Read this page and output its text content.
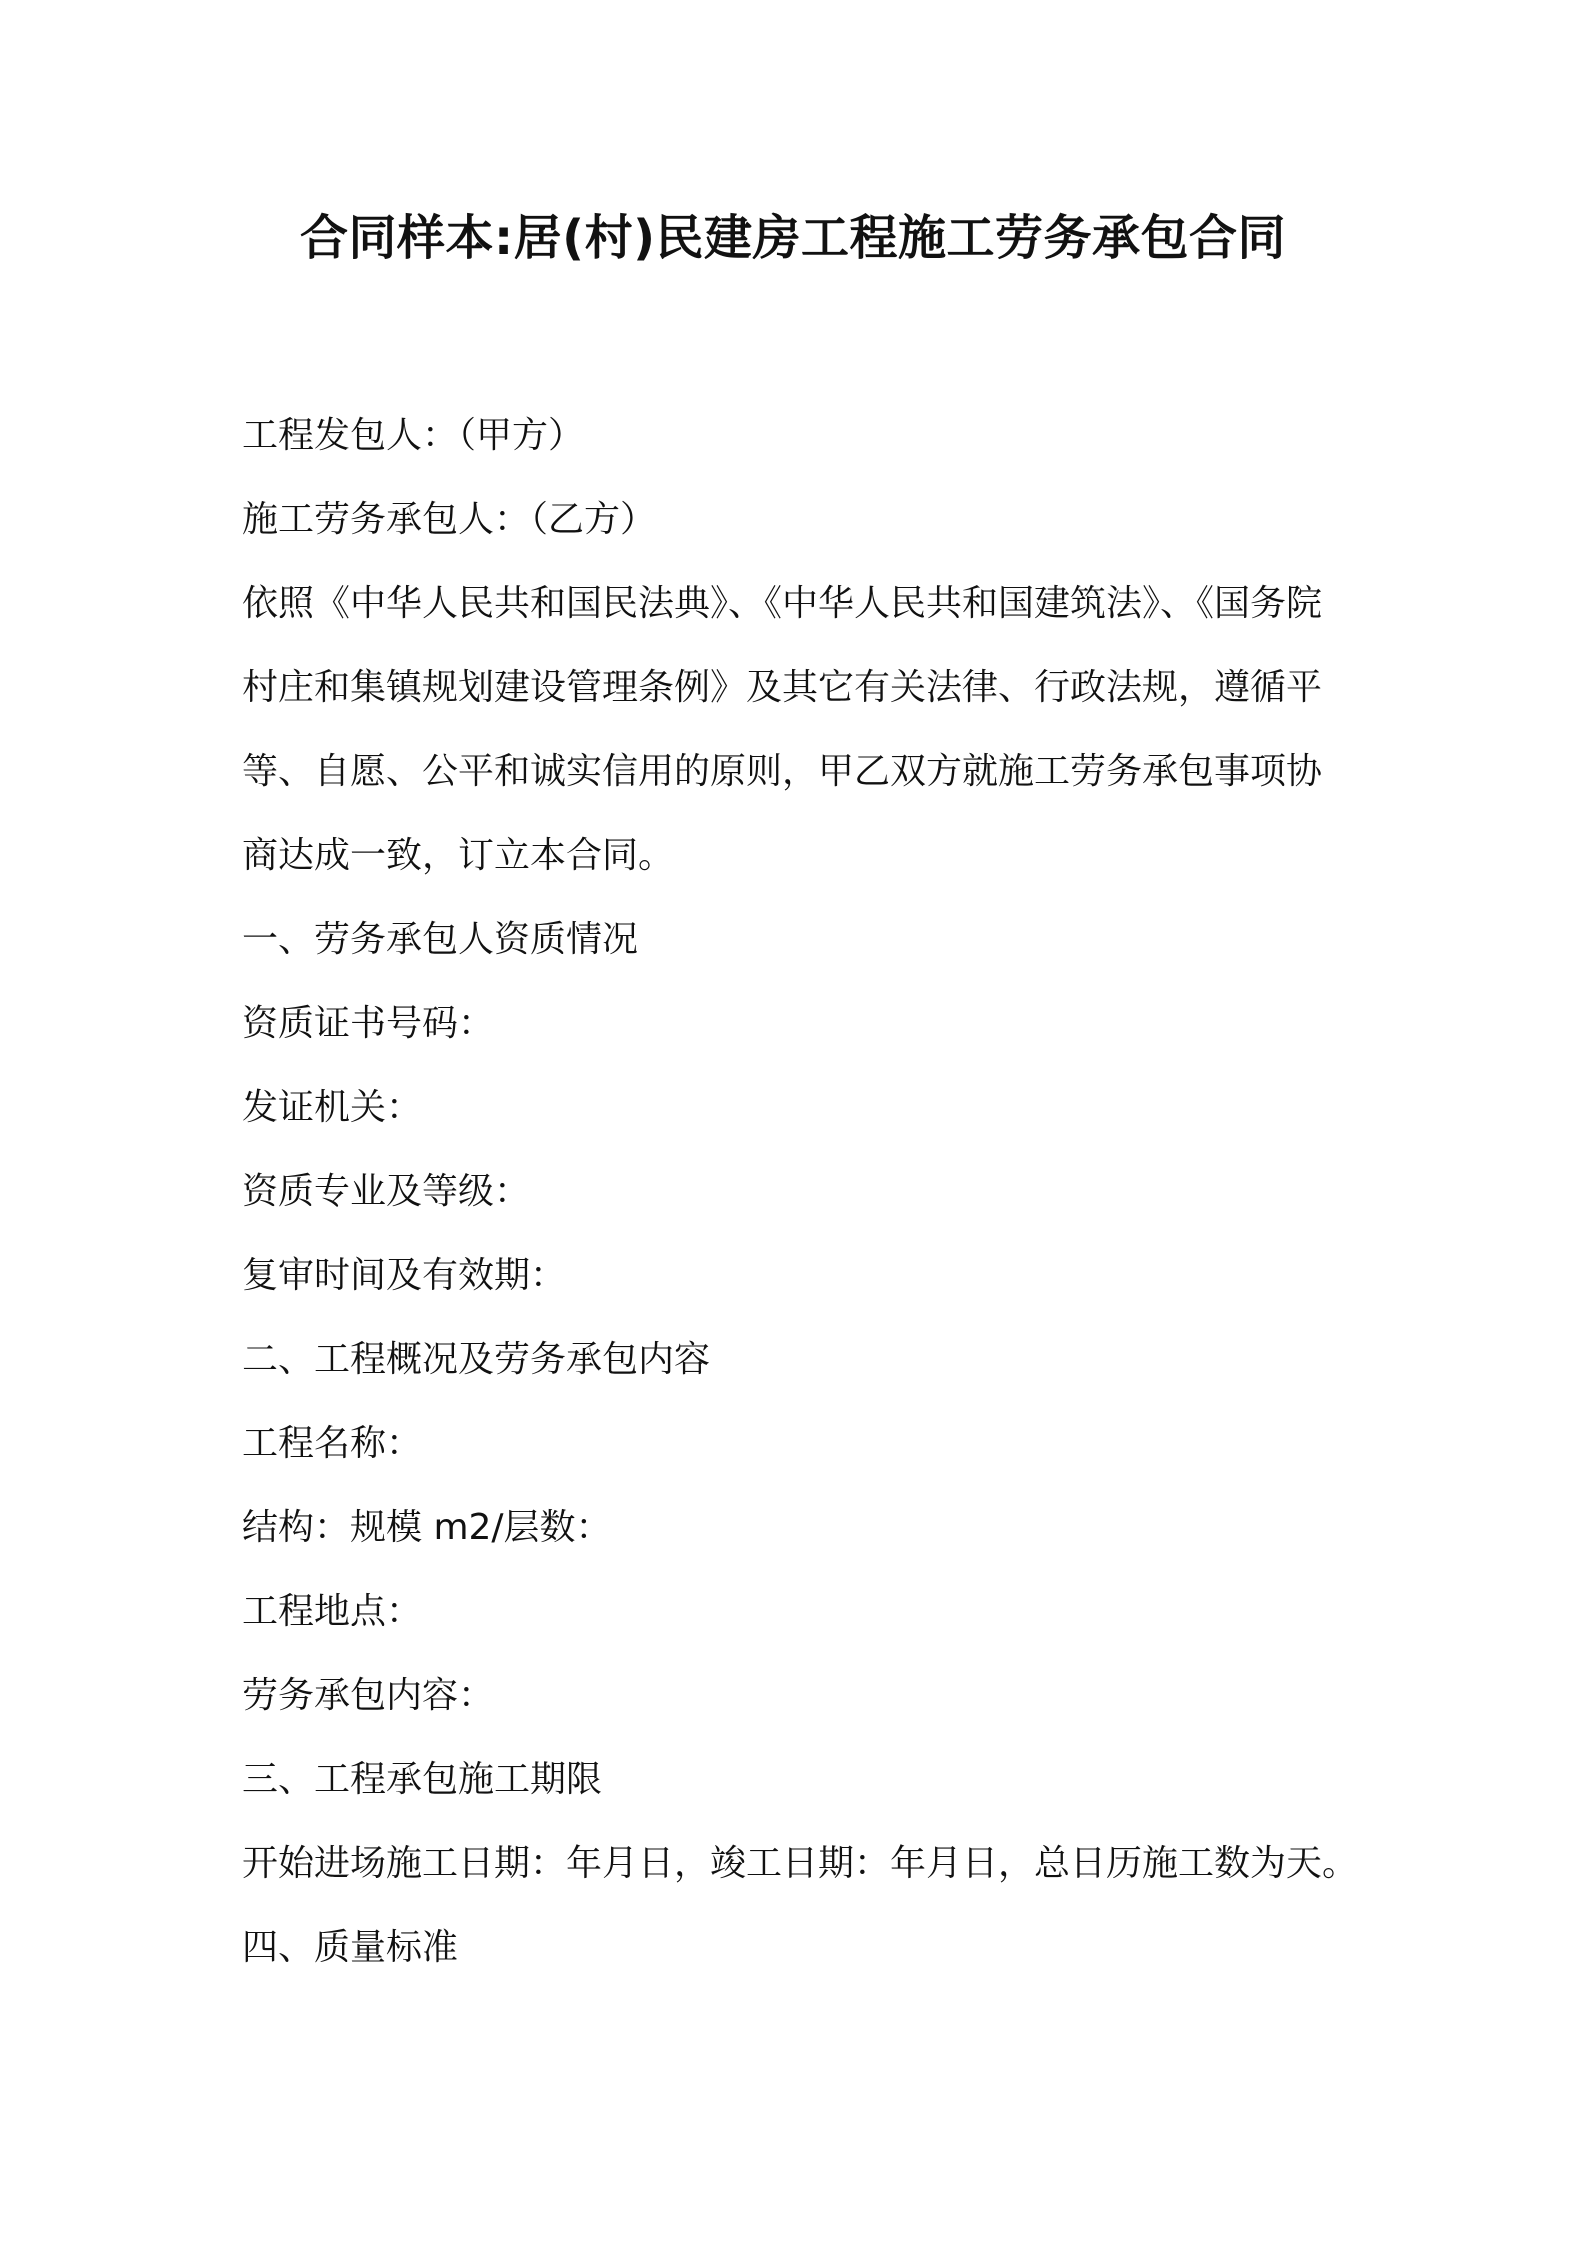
合同样本:居(村)民建房工程施工劳务承包合同
工程发包人：（甲方）
施工劳务承包人：（乙方）
依照《中华人民共和国民法典》、《中华人民共和国建筑法》、《国务院
村庄和集镇规划建设管理条例》及其它有关法律、行政法规，遵循平
等、自愿、公平和诚实信用的原则，甲乙双方就施工劳务承包事项协
商达成一致，订立本合同。
一、劳务承包人资质情况
资质证书号码：
发证机关：
资质专业及等级：
复审时间及有效期：
二、工程概况及劳务承包内容
工程名称：
结构：规模 m2/层数：
工程地点：
劳务承包内容：
三、工程承包施工期限
开始进场施工日期：年月日，竣工日期：年月日，总日历施工数为天。
四、质量标准
